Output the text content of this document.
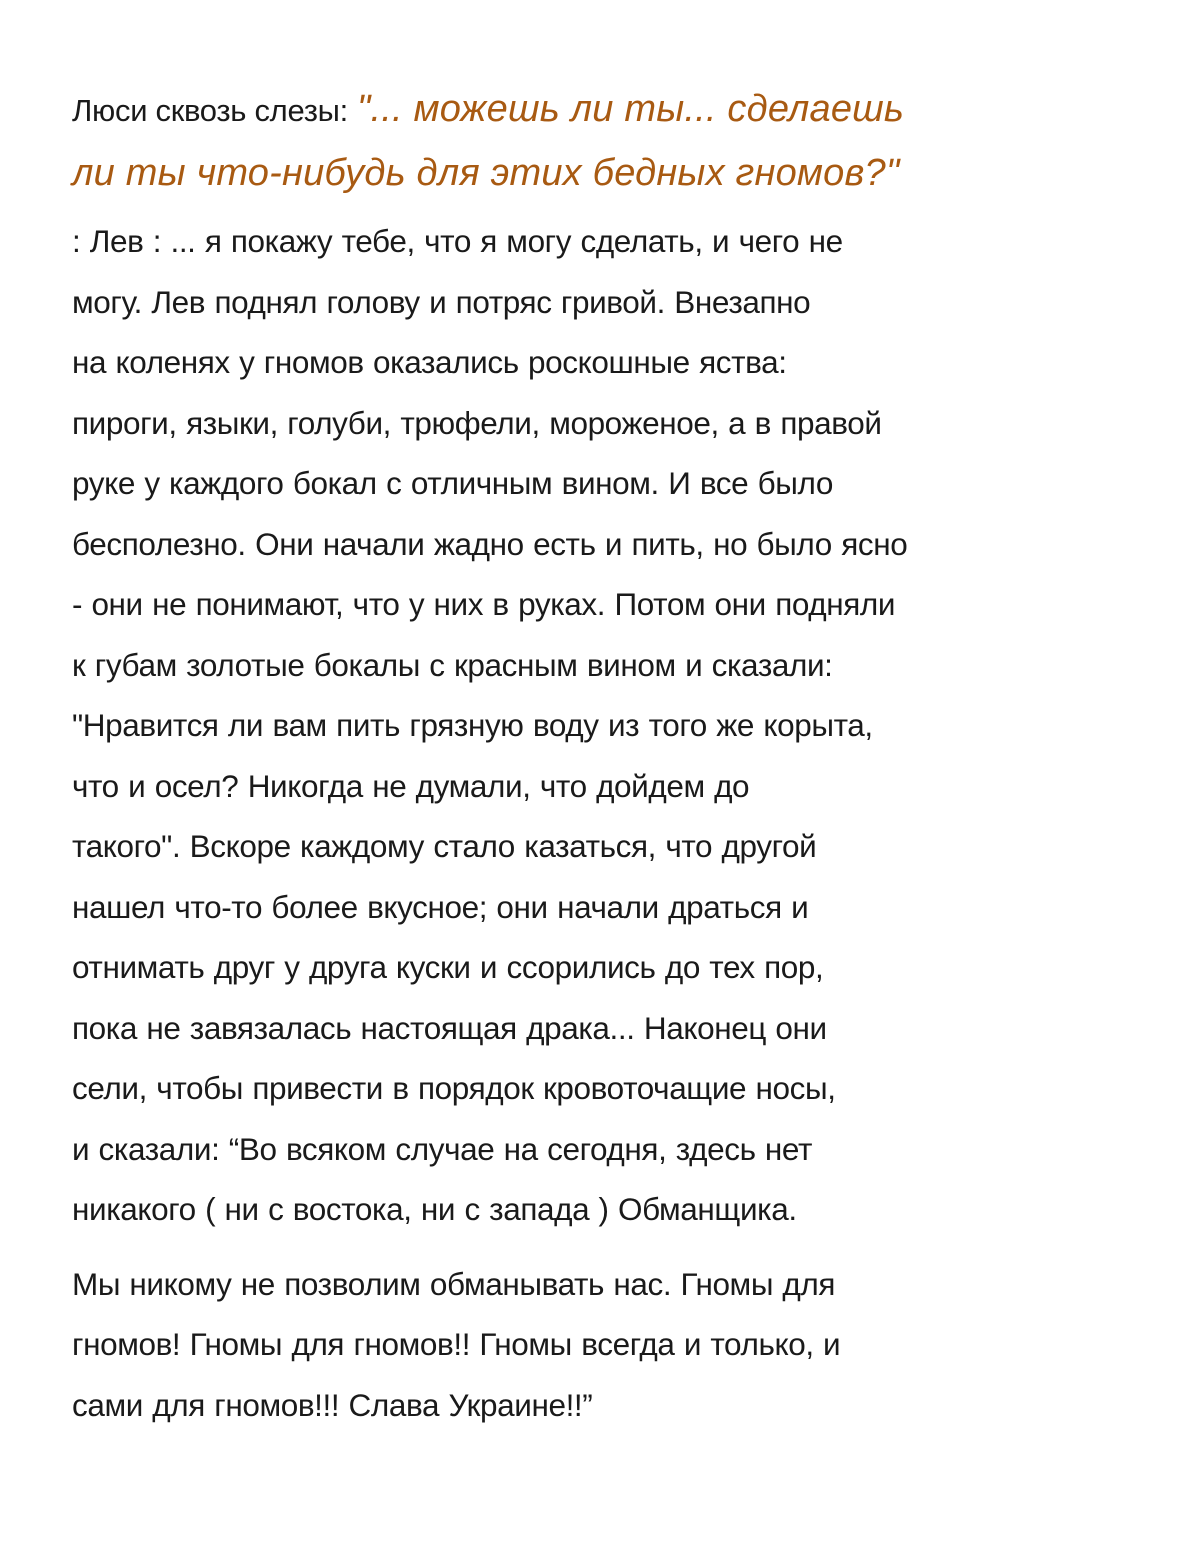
Люси сквозь слезы: "... можешь ли ты... сделаешь
ли ты что-нибудь для этих бедных гномов?"

: Лев : ... я покажу тебе, что я могу сделать, и чего не
могу. Лев поднял голову и потряс гривой. Внезапно
на коленях у гномов оказались роскошные яства:
пироги, языки, голуби, трюфели, мороженое, а в правой
руке у каждого бокал с отличным вином. И все было
бесполезно. Они начали жадно есть и пить, но было ясно
- они не понимают, что у них в руках. Потом они подняли
к губам золотые бокалы с красным вином и сказали:
"Нравится ли вам пить грязную воду из того же корыта,
что и осел? Никогда не думали, что дойдем до
такого". Вскоре каждому стало казаться, что другой
нашел что-то более вкусное; они начали драться и
отнимать друг у друга куски и ссорились до тех пор,
пока не завязалась настоящая драка... Наконец они
сели, чтобы привести в порядок кровоточащие носы,
и сказали: “Во всяком случае на сегодня, здесь нет
никакого ( ни с востока, ни с запада ) Обманщика.

Мы никому не позволим обманывать нас. Гномы для
гномов! Гномы для гномов!! Гномы всегда и только, и
сами для гномов!!! Слава Украине!!”
